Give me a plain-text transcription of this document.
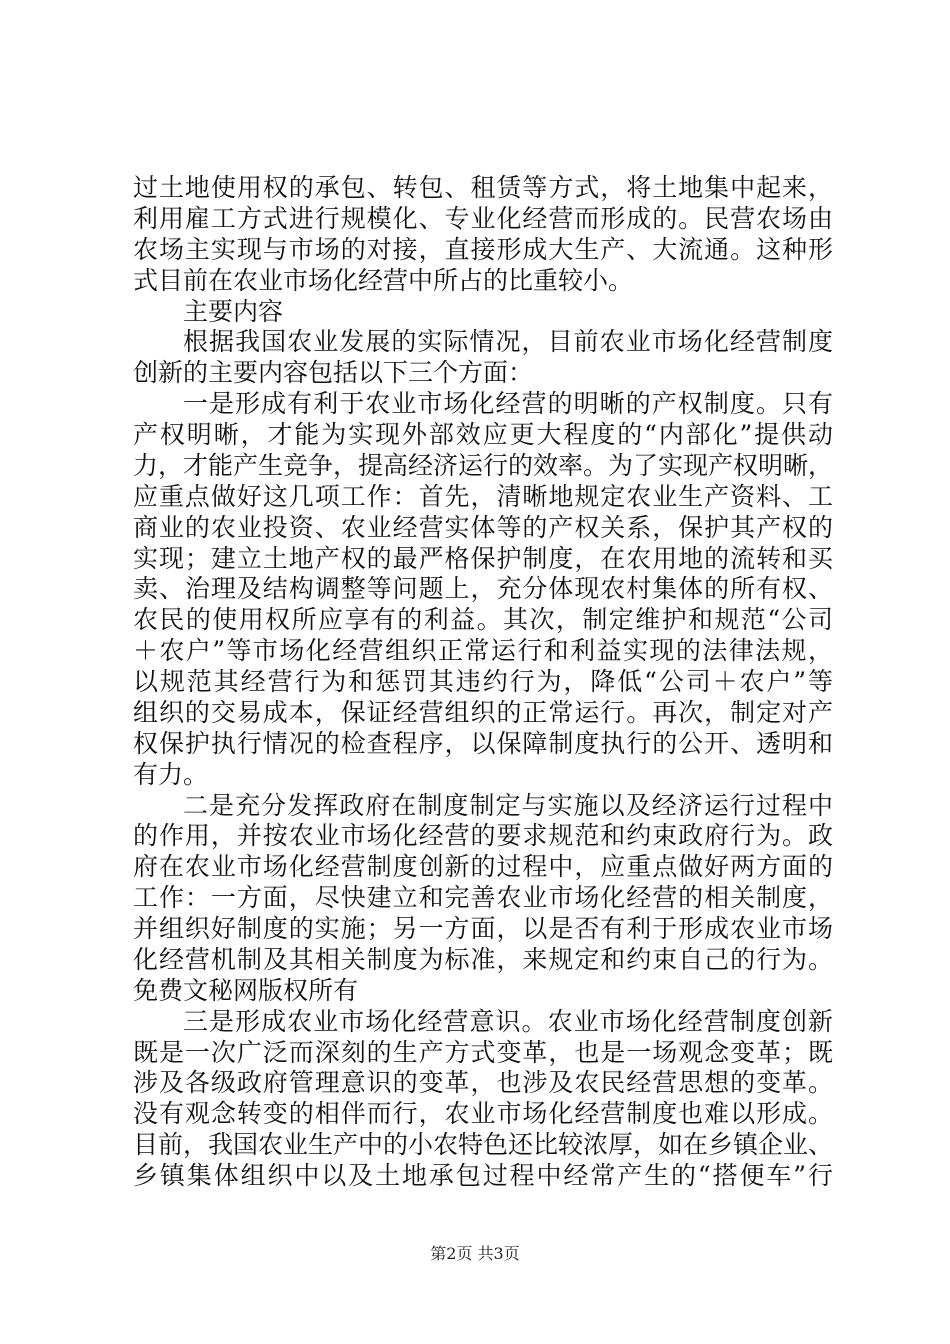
过土地使用权的承包、转包、租赁等方式，将土地集中起来，
利用雇工方式进行规模化、专业化经营而形成的。民营农场由
农场主实现与市场的对接，直接形成大生产、大流通。这种形
式目前在农业市场化经营中所占的比重较小。
主要内容
根据我国农业发展的实际情况，目前农业市场化经营制度
创新的主要内容包括以下三个方面：
一是形成有利于农业市场化经营的明晰的产权制度。只有
产权明晰，才能为实现外部效应更大程度的“内部化”提供动
力，才能产生竞争，提高经济运行的效率。为了实现产权明晰，
应重点做好这几项工作：首先，清晰地规定农业生产资料、工
商业的农业投资、农业经营实体等的产权关系，保护其产权的
实现；建立土地产权的最严格保护制度，在农用地的流转和买
卖、治理及结构调整等问题上，充分体现农村集体的所有权、
农民的使用权所应享有的利益。其次，制定维护和规范“公司
＋农户”等市场化经营组织正常运行和利益实现的法律法规，
以规范其经营行为和惩罚其违约行为，降低“公司＋农户”等
组织的交易成本，保证经营组织的正常运行。再次，制定对产
权保护执行情况的检查程序，以保障制度执行的公开、透明和
有力。
二是充分发挥政府在制度制定与实施以及经济运行过程中
的作用，并按农业市场化经营的要求规范和约束政府行为。政
府在农业市场化经营制度创新的过程中，应重点做好两方面的
工作：一方面，尽快建立和完善农业市场化经营的相关制度，
并组织好制度的实施；另一方面，以是否有利于形成农业市场
化经营机制及其相关制度为标准，来规定和约束自己的行为。
免费文秘网版权所有
三是形成农业市场化经营意识。农业市场化经营制度创新
既是一次广泛而深刻的生产方式变革，也是一场观念变革；既
涉及各级政府管理意识的变革，也涉及农民经营思想的变革。
没有观念转变的相伴而行，农业市场化经营制度也难以形成。
目前，我国农业生产中的小农特色还比较浓厚，如在乡镇企业、
乡镇集体组织中以及土地承包过程中经常产生的“搭便车”行
第2页 共3页
